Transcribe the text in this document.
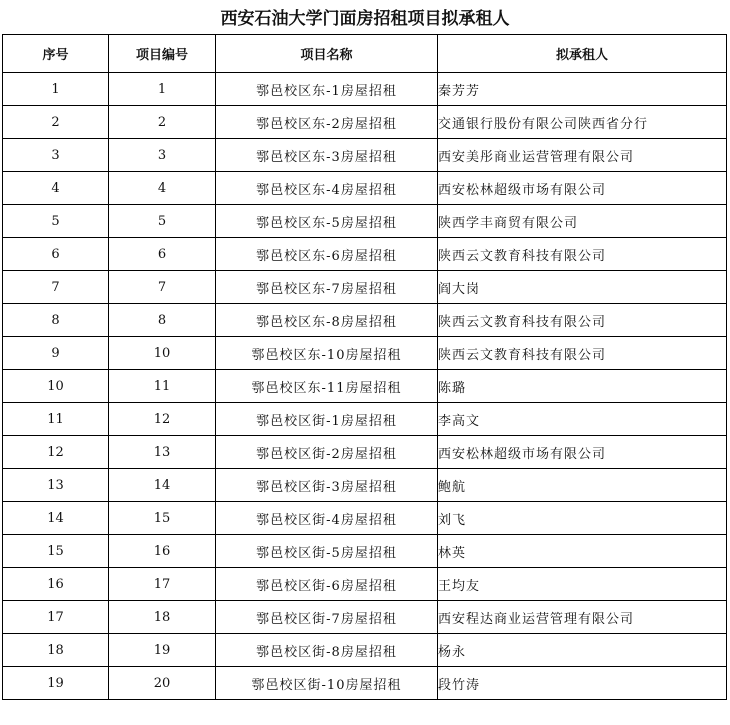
西安石油大学门面房招租项目拟承租人
序号	项目编号	项目名称	拟承租人
1	1	鄠邑校区东-1房屋招租	秦芳芳
2	2	鄠邑校区东-2房屋招租	交通银行股份有限公司陕西省分行
3	3	鄠邑校区东-3房屋招租	西安美彤商业运营管理有限公司
4	4	鄠邑校区东-4房屋招租	西安松林超级市场有限公司
5	5	鄠邑校区东-5房屋招租	陕西学丰商贸有限公司
6	6	鄠邑校区东-6房屋招租	陕西云文教育科技有限公司
7	7	鄠邑校区东-7房屋招租	阎大岗
8	8	鄠邑校区东-8房屋招租	陕西云文教育科技有限公司
9	10	鄠邑校区东-10房屋招租	陕西云文教育科技有限公司
10	11	鄠邑校区东-11房屋招租	陈璐
11	12	鄠邑校区街-1房屋招租	李高文
12	13	鄠邑校区街-2房屋招租	西安松林超级市场有限公司
13	14	鄠邑校区街-3房屋招租	鲍航
14	15	鄠邑校区街-4房屋招租	刘飞
15	16	鄠邑校区街-5房屋招租	林英
16	17	鄠邑校区街-6房屋招租	王均友
17	18	鄠邑校区街-7房屋招租	西安程达商业运营管理有限公司
18	19	鄠邑校区街-8房屋招租	杨永
19	20	鄠邑校区街-10房屋招租	段竹涛
